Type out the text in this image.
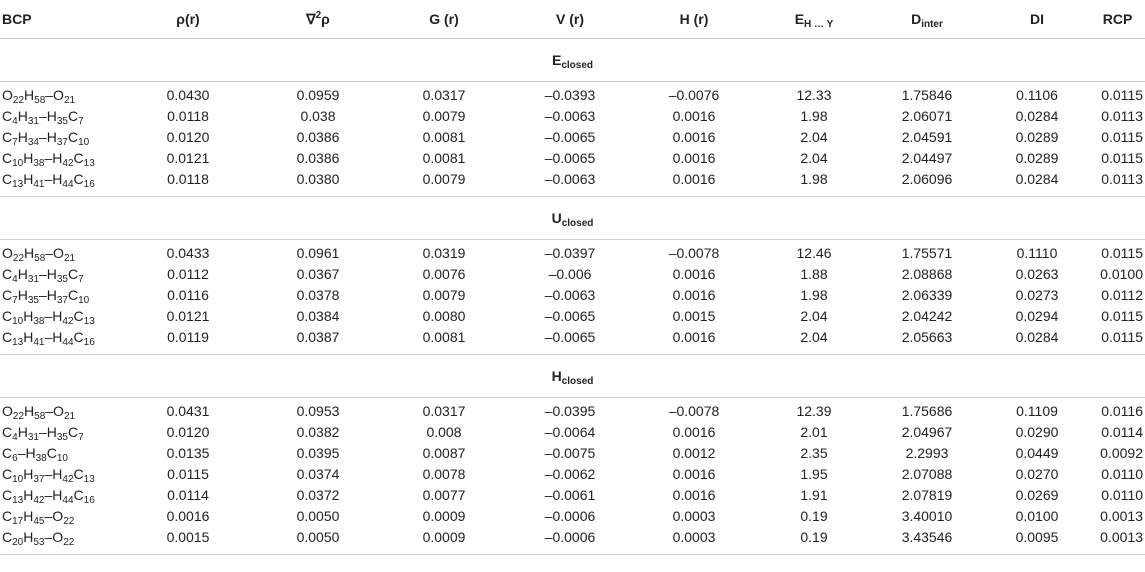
BCP	ρ(r)	∇$^2$ρ	G (r)	V (r)	H (r)	$E_{H \dots Y}$	$D_{inter}$	DI	RCP
$E_{closed}$

$O_{22}H_{58}-O_{21}$	0.0430	0.0959	0.0317	–0.0393	–0.0076	12.33	1.75846	0.1106	0.0115
$C_4H_{31}-H_{35}C_7$	0.0118	0.038	0.0079	–0.0063	0.0016	1.98	2.06071	0.0284	0.0113
$C_7H_{34}-H_{37}C_{10}$	0.0120	0.0386	0.0081	–0.0065	0.0016	2.04	2.04591	0.0289	0.0115
$C_{10}H_{38}-H_{42}C_{13}$	0.0121	0.0386	0.0081	–0.0065	0.0016	2.04	2.04497	0.0289	0.0115
$C_{13}H_{41}-H_{44}C_{16}$	0.0118	0.0380	0.0079	–0.0063	0.0016	1.98	2.06096	0.0284	0.0113

$U_{closed}$

$O_{22}H_{58}-O_{21}$	0.0433	0.0961	0.0319	–0.0397	–0.0078	12.46	1.75571	0.1110	0.0115
$C_4H_{31}-H_{35}C_7$	0.0112	0.0367	0.0076	–0.006	0.0016	1.88	2.08868	0.0263	0.0100
$C_7H_{35}-H_{37}C_{10}$	0.0116	0.0378	0.0079	–0.0063	0.0016	1.98	2.06339	0.0273	0.0112
$C_{10}H_{38}-H_{42}C_{13}$	0.0121	0.0384	0.0080	–0.0065	0.0015	2.04	2.04242	0.0294	0.0115
$C_{13}H_{41}-H_{44}C_{16}$	0.0119	0.0387	0.0081	–0.0065	0.0016	2.04	2.05663	0.0284	0.0115

$H_{closed}$

$O_{22}H_{58}-O_{21}$	0.0431	0.0953	0.0317	–0.0395	–0.0078	12.39	1.75686	0.1109	0.0116
$C_4H_{31}-H_{35}C_7$	0.0120	0.0382	0.008	–0.0064	0.0016	2.01	2.04967	0.0290	0.0114
$C_6-H_{38}C_{10}$	0.0135	0.0395	0.0087	–0.0075	0.0012	2.35	2.2993	0.0449	0.0092
$C_{10}H_{37}-H_{42}C_{13}$	0.0115	0.0374	0.0078	–0.0062	0.0016	1.95	2.07088	0.0270	0.0110
$C_{13}H_{42}-H_{44}C_{16}$	0.0114	0.0372	0.0077	–0.0061	0.0016	1.91	2.07819	0.0269	0.0110
$C_{17}H_{45}-O_{22}$	0.0016	0.0050	0.0009	–0.0006	0.0003	0.19	3.40010	0.0100	0.0013
$C_{20}H_{53}-O_{22}$	0.0015	0.0050	0.0009	–0.0006	0.0003	0.19	3.43546	0.0095	0.0013
